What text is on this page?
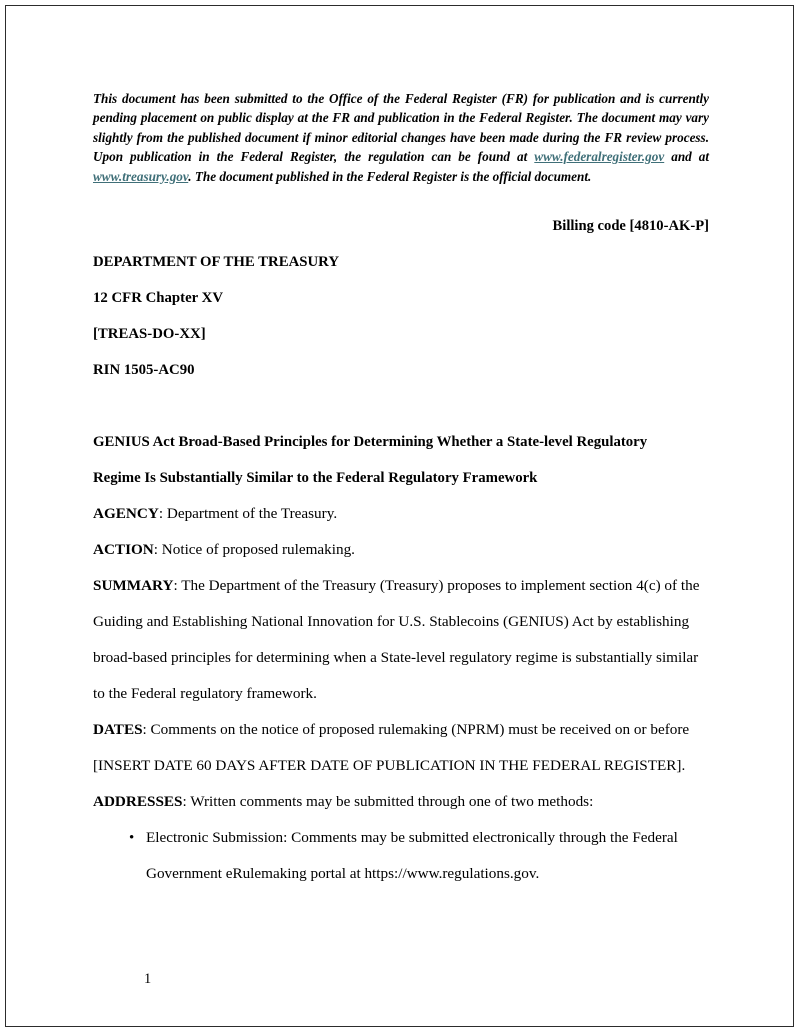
This document has been submitted to the Office of the Federal Register (FR) for publication and is currently pending placement on public display at the FR and publication in the Federal Register. The document may vary slightly from the published document if minor editorial changes have been made during the FR review process. Upon publication in the Federal Register, the regulation can be found at www.federalregister.gov and at www.treasury.gov. The document published in the Federal Register is the official document.

Billing code [4810-AK-P]
DEPARTMENT OF THE TREASURY
12 CFR Chapter XV
[TREAS-DO-XX]
RIN 1505-AC90
GENIUS Act Broad-Based Principles for Determining Whether a State-level Regulatory Regime Is Substantially Similar to the Federal Regulatory Framework

AGENCY: Department of the Treasury.

ACTION: Notice of proposed rulemaking.

SUMMARY: The Department of the Treasury (Treasury) proposes to implement section 4(c) of the Guiding and Establishing National Innovation for U.S. Stablecoins (GENIUS) Act by establishing broad-based principles for determining when a State-level regulatory regime is substantially similar to the Federal regulatory framework.

DATES: Comments on the notice of proposed rulemaking (NPRM) must be received on or before [INSERT DATE 60 DAYS AFTER DATE OF PUBLICATION IN THE FEDERAL REGISTER].

ADDRESSES: Written comments may be submitted through one of two methods:

• Electronic Submission: Comments may be submitted electronically through the Federal Government eRulemaking portal at https://www.regulations.gov.
1
